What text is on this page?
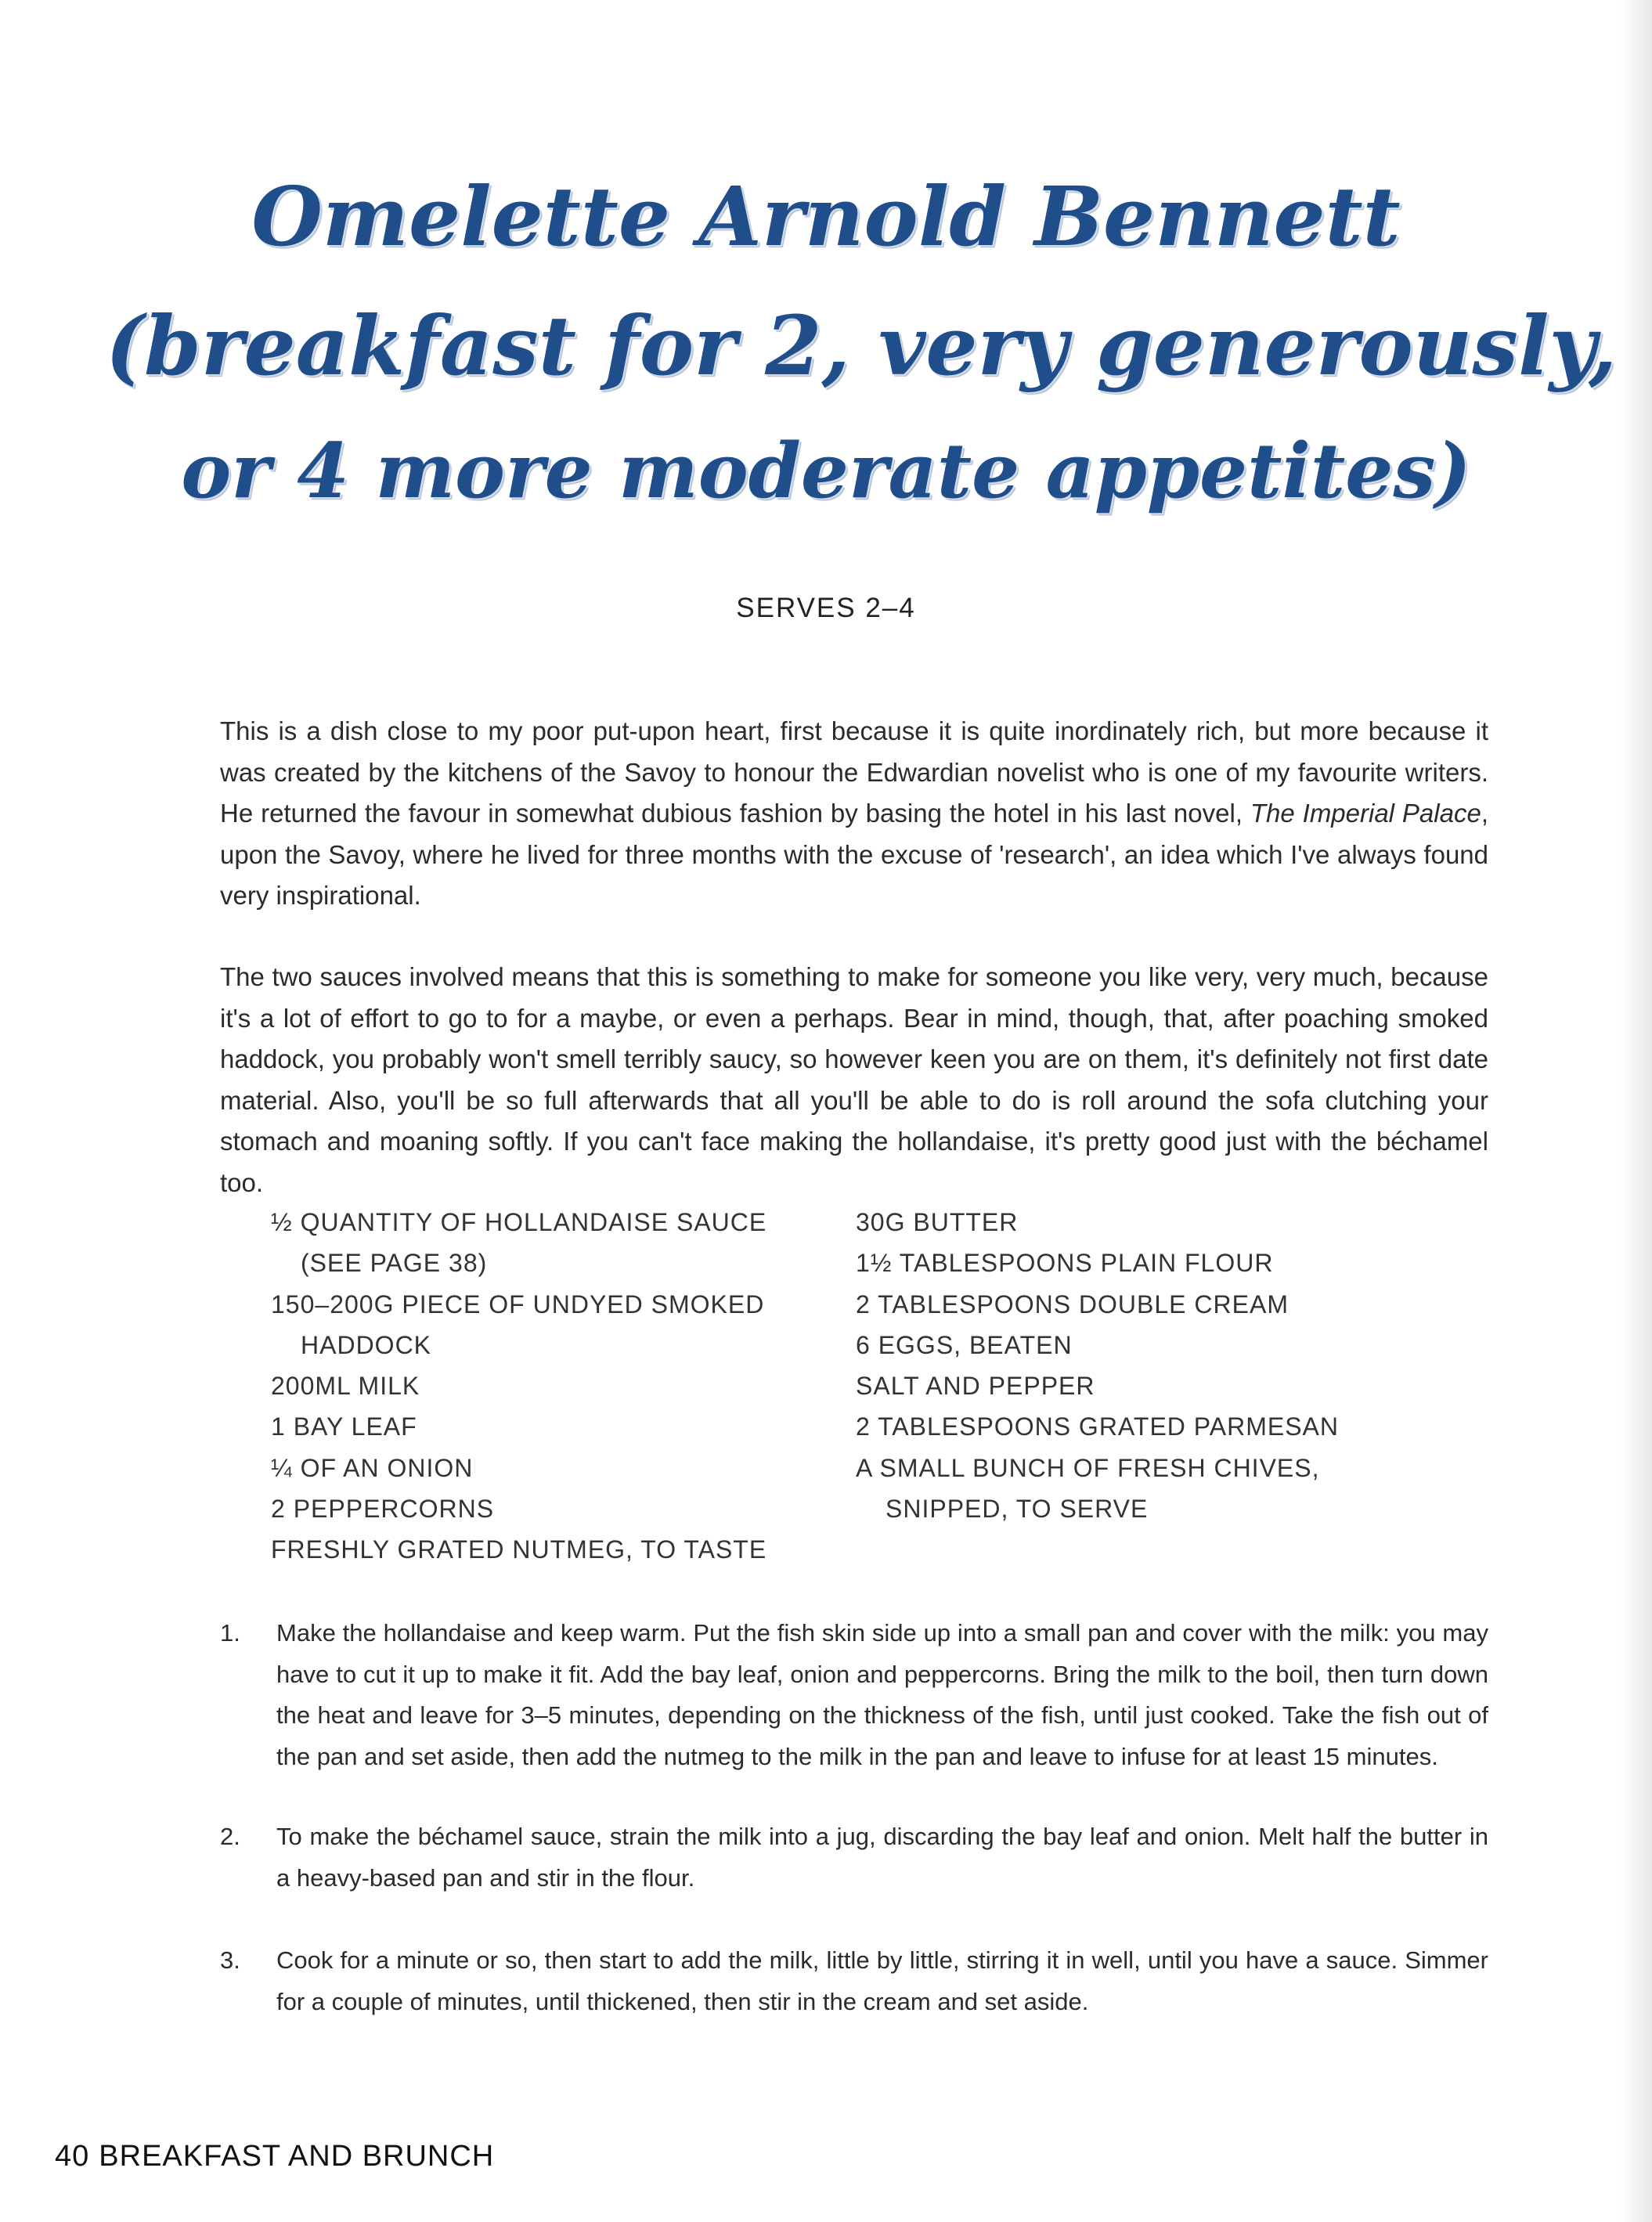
Omelette Arnold Bennett
(breakfast for 2, very generously,
or 4 more moderate appetites)
SERVES 2–4
This is a dish close to my poor put-upon heart, first because it is quite inordinately rich, but more because it was created by the kitchens of the Savoy to honour the Edwardian novelist who is one of my favourite writers. He returned the favour in somewhat dubious fashion by basing the hotel in his last novel, The Imperial Palace, upon the Savoy, where he lived for three months with the excuse of 'research', an idea which I've always found very inspirational.
The two sauces involved means that this is something to make for someone you like very, very much, because it's a lot of effort to go to for a maybe, or even a perhaps. Bear in mind, though, that, after poaching smoked haddock, you probably won't smell terribly saucy, so however keen you are on them, it's definitely not first date material. Also, you'll be so full afterwards that all you'll be able to do is roll around the sofa clutching your stomach and moaning softly. If you can't face making the hollandaise, it's pretty good just with the béchamel too.
½ QUANTITY OF HOLLANDAISE SAUCE (SEE PAGE 38)
150–200G PIECE OF UNDYED SMOKED HADDOCK
200ML MILK
1 BAY LEAF
¼ OF AN ONION
2 PEPPERCORNS
FRESHLY GRATED NUTMEG, TO TASTE
30G BUTTER
1½ TABLESPOONS PLAIN FLOUR
2 TABLESPOONS DOUBLE CREAM
6 EGGS, BEATEN
SALT AND PEPPER
2 TABLESPOONS GRATED PARMESAN
A SMALL BUNCH OF FRESH CHIVES, SNIPPED, TO SERVE
1.	Make the hollandaise and keep warm. Put the fish skin side up into a small pan and cover with the milk: you may have to cut it up to make it fit. Add the bay leaf, onion and peppercorns. Bring the milk to the boil, then turn down the heat and leave for 3–5 minutes, depending on the thickness of the fish, until just cooked. Take the fish out of the pan and set aside, then add the nutmeg to the milk in the pan and leave to infuse for at least 15 minutes.
2.	To make the béchamel sauce, strain the milk into a jug, discarding the bay leaf and onion. Melt half the butter in a heavy-based pan and stir in the flour.
3.	Cook for a minute or so, then start to add the milk, little by little, stirring it in well, until you have a sauce. Simmer for a couple of minutes, until thickened, then stir in the cream and set aside.
40 BREAKFAST AND BRUNCH
